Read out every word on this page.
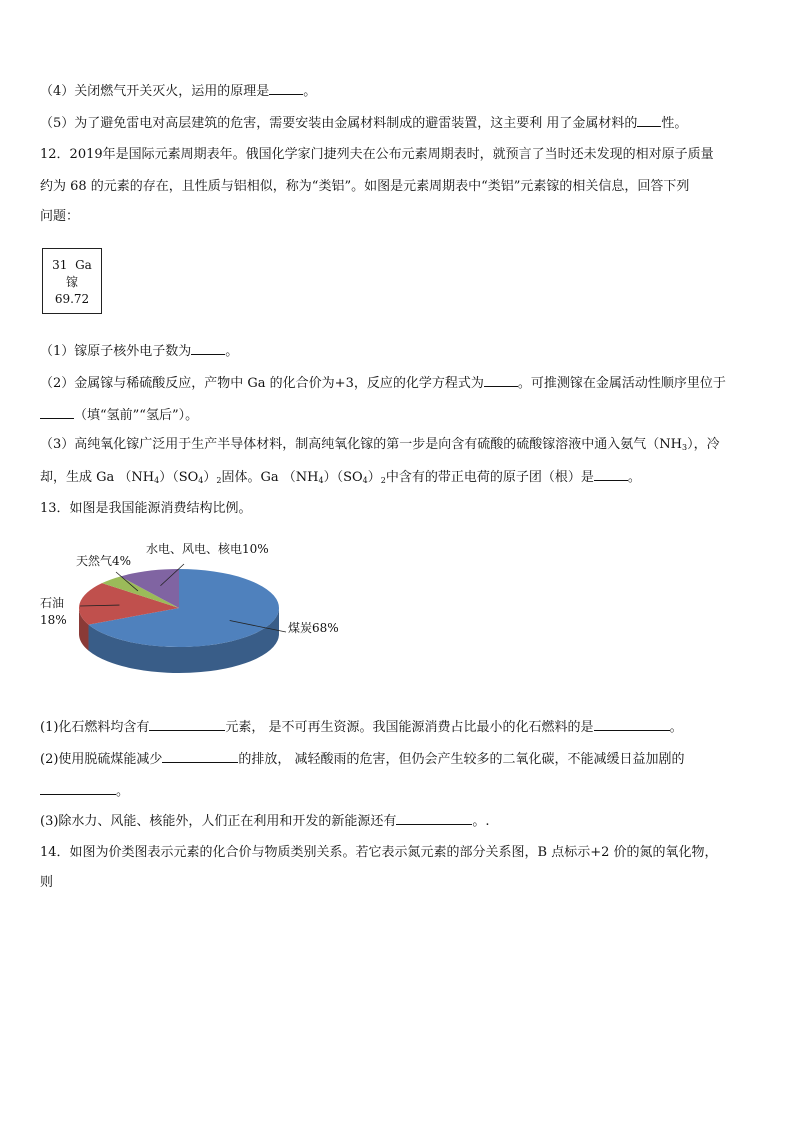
（4）关闭燃气开关灭火，运用的原理是	。
（5）为了避免雷电对高层建筑的危害，需要安装由金属材料制成的避雷装置，这主要利 用了金属材料的 性。
12．2019年是国际元素周期表年。俄国化学家门捷列夫在公布元素周期表时，就预言了当时还未发现的相对原子质量
约为 68 的元素的存在，且性质与铝相似，称为“类铝”。如图是元素周期表中“类铝”元素镓的相关信息，回答下列
问题：
31 Ga
镓
69.72
（1）镓原子核外电子数为	。
（2）金属镓与稀硫酸反应，产物中 Ga 的化合价为+3，反应的化学方程式为	。可推测镓在金属活动性顺序里位于
（填“氢前”“氢后”）。
（3）高纯氧化镓广泛用于生产半导体材料，制高纯氧化镓的第一步是向含有硫酸的硫酸镓溶液中通入氨气$(NH_3)$，冷
却，生成 Ga $(NH_4)(SO_4)_2$固体。Ga $(NH_4)(SO_4)_2$中含有的带正电荷的原子团（根）是	。
13．如图是我国能源消费结构比例。
水电、风电、核电10%
天然气4%
石油
18%
煤炭68%
(1)化石燃料均含有	元素， 是不可再生资源。我国能源消费占比最小的化石燃料的是	。
(2)使用脱硫煤能减少	的排放， 减轻酸雨的危害，但仍会产生较多的二氧化碳，不能减缓日益加剧的
。
(3)除水力、风能、核能外，人们正在利用和开发的新能源还有	。.
14．如图为价类图表示元素的化合价与物质类别关系。若它表示氮元素的部分关系图，B 点标示+2 价的氮的氧化物，
则
